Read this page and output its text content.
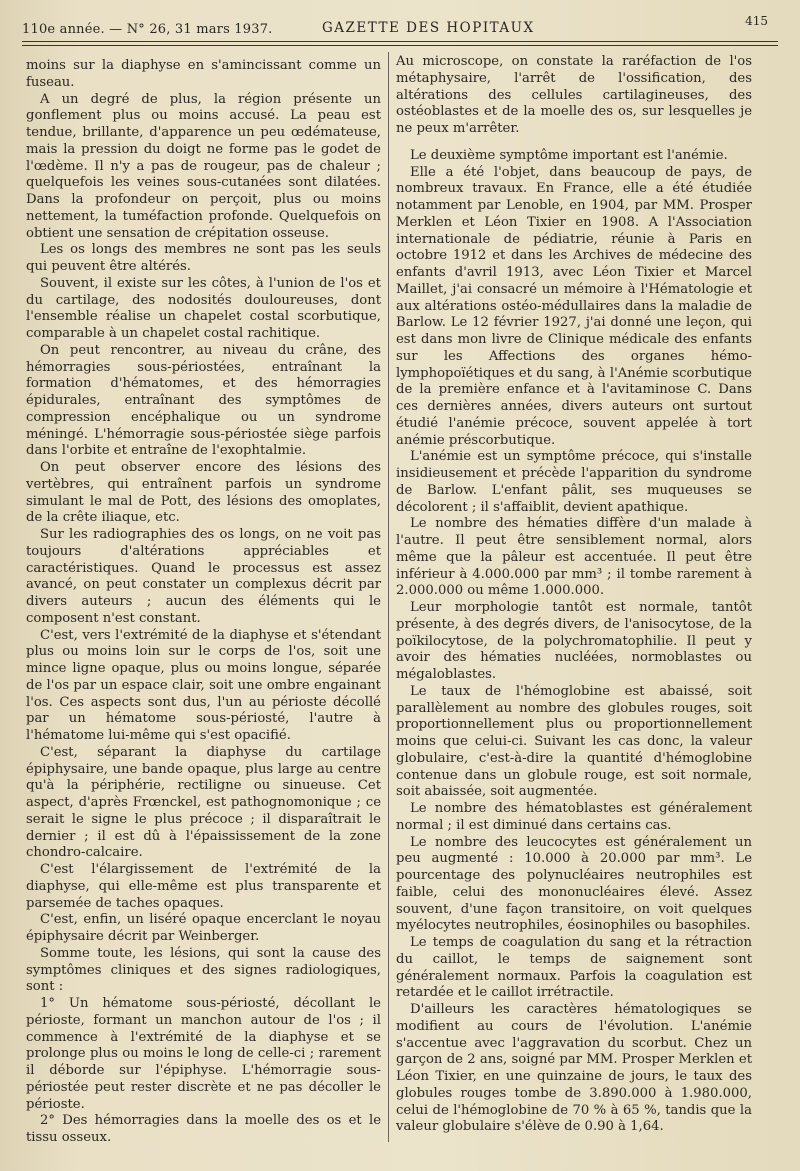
110e année. — N° 26, 31 mars 1937.	GAZETTE DES HOPITAUX	415

moins sur la diaphyse en s'amincissant comme un fuseau.

A un degré de plus, la région présente un gonflement plus ou moins accusé. La peau est tendue, brillante, d'apparence un peu œdémateuse, mais la pression du doigt ne forme pas le godet de l'œdème. Il n'y a pas de rougeur, pas de chaleur ; quelquefois les veines sous-cutanées sont dilatées. Dans la profondeur on perçoit, plus ou moins nettement, la tuméfaction profonde. Quelquefois on obtient une sensation de crépitation osseuse.

Les os longs des membres ne sont pas les seuls qui peuvent être altérés.

Souvent, il existe sur les côtes, à l'union de l'os et du cartilage, des nodosités douloureuses, dont l'ensemble réalise un chapelet costal scorbutique, comparable à un chapelet costal rachitique.

On peut rencontrer, au niveau du crâne, des hémorragies sous-périostées, entraînant la formation d'hématomes, et des hémorragies épidurales, entraînant des symptômes de compression encéphalique ou un syndrome méningé. L'hémorragie sous-périostée siège parfois dans l'orbite et entraîne de l'exophtalmie.

On peut observer encore des lésions des vertèbres, qui entraînent parfois un syndrome simulant le mal de Pott, des lésions des omoplates, de la crête iliaque, etc.

Sur les radiographies des os longs, on ne voit pas toujours d'altérations appréciables et caractéristiques. Quand le processus est assez avancé, on peut constater un complexus décrit par divers auteurs ; aucun des éléments qui le composent n'est constant.

C'est, vers l'extrémité de la diaphyse et s'étendant plus ou moins loin sur le corps de l'os, soit une mince ligne opaque, plus ou moins longue, séparée de l'os par un espace clair, soit une ombre engainant l'os. Ces aspects sont dus, l'un au périoste décollé par un hématome sous-périosté, l'autre à l'hématome lui-même qui s'est opacifié.

C'est, séparant la diaphyse du cartilage épiphysaire, une bande opaque, plus large au centre qu'à la périphérie, rectiligne ou sinueuse. Cet aspect, d'après Frœnckel, est pathognomonique ; ce serait le signe le plus précoce ; il disparaîtrait le dernier ; il est dû à l'épaississement de la zone chondro-calcaire.

C'est l'élargissement de l'extrémité de la diaphyse, qui elle-même est plus transparente et parsemée de taches opaques.

C'est, enfin, un liséré opaque encerclant le noyau épiphysaire décrit par Weinberger.

Somme toute, les lésions, qui sont la cause des symptômes cliniques et des signes radiologiques, sont :

1° Un hématome sous-périosté, décollant le périoste, formant un manchon autour de l'os ; il commence à l'extrémité de la diaphyse et se prolonge plus ou moins le long de celle-ci ; rarement il déborde sur l'épiphyse. L'hémorragie sous-périostée peut rester discrète et ne pas décoller le périoste.

2° Des hémorragies dans la moelle des os et le tissu osseux.

Au microscope, on constate la raréfaction de l'os métaphysaire, l'arrêt de l'ossification, des altérations des cellules cartilagineuses, des ostéoblastes et de la moelle des os, sur lesquelles je ne peux m'arrêter.

Le deuxième symptôme important est l'anémie.

Elle a été l'objet, dans beaucoup de pays, de nombreux travaux. En France, elle a été étudiée notamment par Lenoble, en 1904, par MM. Prosper Merklen et Léon Tixier en 1908. A l'Association internationale de pédiatrie, réunie à Paris en octobre 1912 et dans les Archives de médecine des enfants d'avril 1913, avec Léon Tixier et Marcel Maillet, j'ai consacré un mémoire à l'Hématologie et aux altérations ostéo-médullaires dans la maladie de Barlow. Le 12 février 1927, j'ai donné une leçon, qui est dans mon livre de Clinique médicale des enfants sur les Affections des organes hémo-lymphopoïétiques et du sang, à l'Anémie scorbutique de la première enfance et à l'avitaminose C. Dans ces dernières années, divers auteurs ont surtout étudié l'anémie précoce, souvent appelée à tort anémie préscorbutique.

L'anémie est un symptôme précoce, qui s'installe insidieusement et précède l'apparition du syndrome de Barlow. L'enfant pâlit, ses muqueuses se décolorent ; il s'affaiblit, devient apathique.

Le nombre des hématies diffère d'un malade à l'autre. Il peut être sensiblement normal, alors même que la pâleur est accentuée. Il peut être inférieur à 4.000.000 par mm³ ; il tombe rarement à 2.000.000 ou même 1.000.000.

Leur morphologie tantôt est normale, tantôt présente, à des degrés divers, de l'anisocytose, de la poïkilocytose, de la polychromatophilie. Il peut y avoir des hématies nucléées, normoblastes ou mégaloblastes.

Le taux de l'hémoglobine est abaissé, soit parallèlement au nombre des globules rouges, soit proportionnellement plus ou proportionnellement moins que celui-ci. Suivant les cas donc, la valeur globulaire, c'est-à-dire la quantité d'hémoglobine contenue dans un globule rouge, est soit normale, soit abaissée, soit augmentée.

Le nombre des hématoblastes est généralement normal ; il est diminué dans certains cas.

Le nombre des leucocytes est généralement un peu augmenté : 10.000 à 20.000 par mm³. Le pourcentage des polynucléaires neutrophiles est faible, celui des mononucléaires élevé. Assez souvent, d'une façon transitoire, on voit quelques myélocytes neutrophiles, éosinophiles ou basophiles.

Le temps de coagulation du sang et la rétraction du caillot, le temps de saignement sont généralement normaux. Parfois la coagulation est retardée et le caillot irrétractile.

D'ailleurs les caractères hématologiques se modifient au cours de l'évolution. L'anémie s'accentue avec l'aggravation du scorbut. Chez un garçon de 2 ans, soigné par MM. Prosper Merklen et Léon Tixier, en une quinzaine de jours, le taux des globules rouges tombe de 3.890.000 à 1.980.000, celui de l'hémoglobine de 70 % à 65 %, tandis que la valeur globulaire s'élève de 0.90 à 1,64.
